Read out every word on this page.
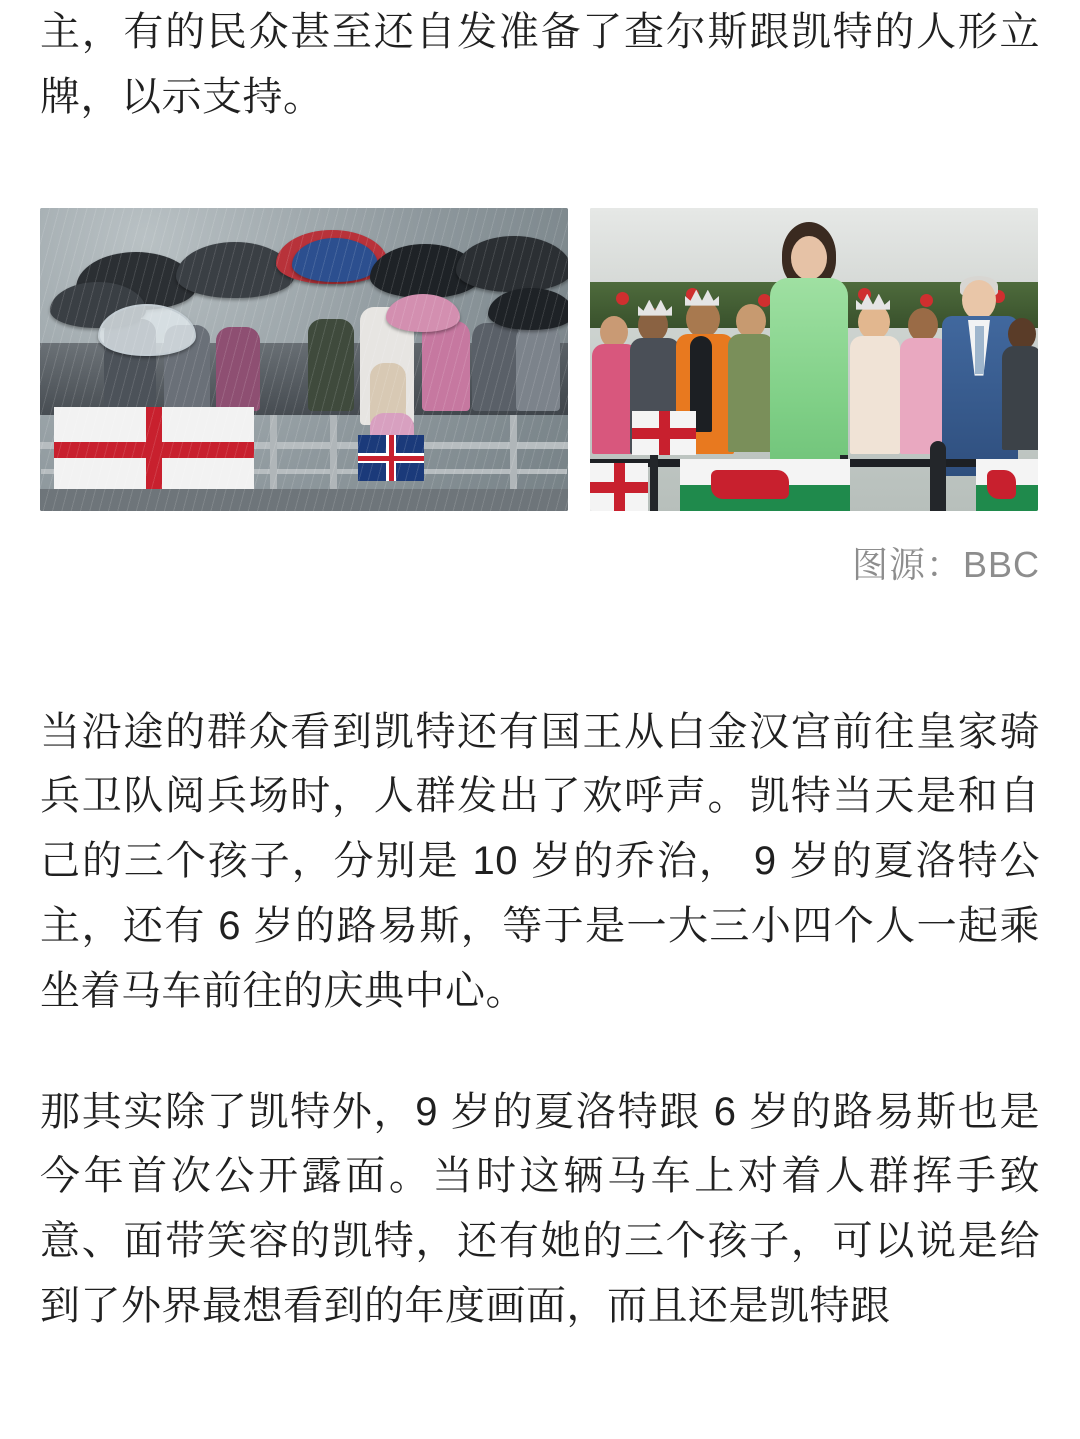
主，有的民众甚至还自发准备了查尔斯跟凯特的人形立牌，以示支持。

图源：BBC

当沿途的群众看到凯特还有国王从白金汉宫前往皇家骑兵卫队阅兵场时，人群发出了欢呼声。凯特当天是和自己的三个孩子，分别是 10 岁的乔治， 9 岁的夏洛特公主，还有 6 岁的路易斯，等于是一大三小四个人一起乘坐着马车前往的庆典中心。

那其实除了凯特外，9 岁的夏洛特跟 6 岁的路易斯也是今年首次公开露面。当时这辆马车上对着人群挥手致意、面带笑容的凯特，还有她的三个孩子，可以说是给到了外界最想看到的年度画面，而且还是凯特跟
